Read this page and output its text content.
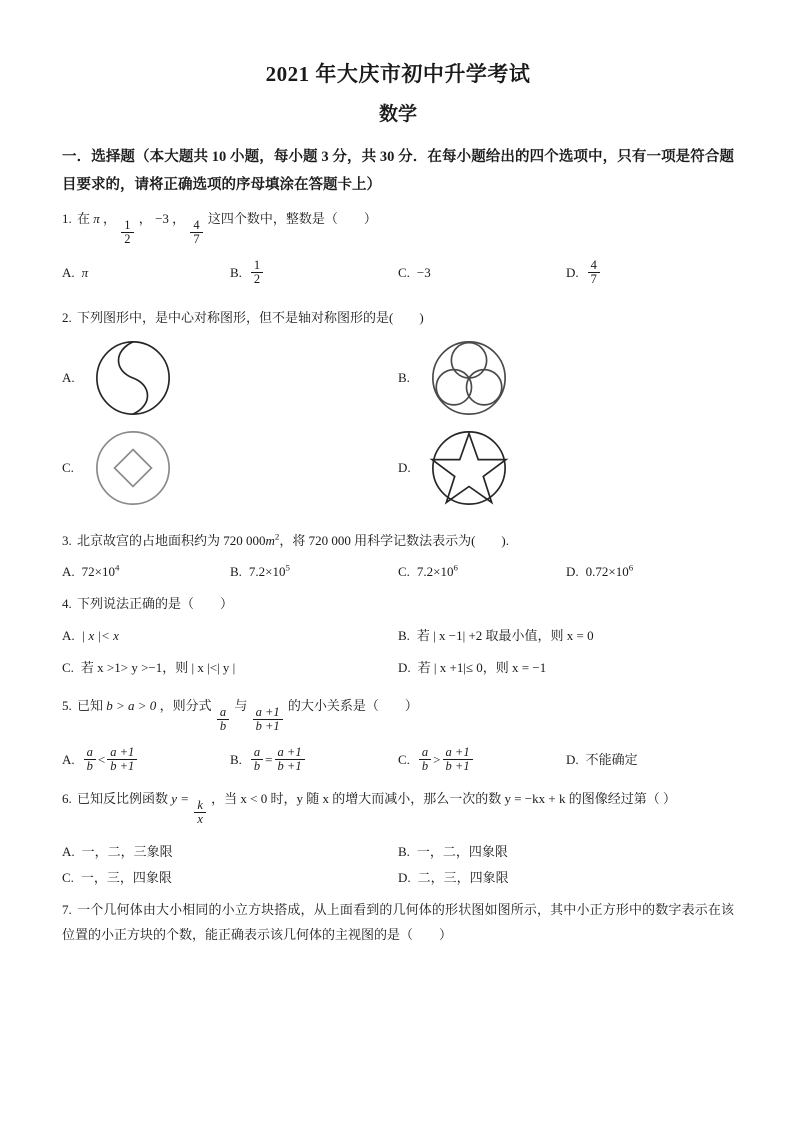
2021 年大庆市初中升学考试
数学
一．选择题（本大题共 10 小题，每小题 3 分，共 30 分．在每小题给出的四个选项中，只有一项是符合题目要求的，请将正确选项的序母填涂在答题卡上）
1. 在 π ，
$\frac{1}{2}$
， −3 ，
$\frac{4}{7}$
这四个数中，整数是（　　）
A. π	B. $\frac{1}{2}$	C. −3	D. $\frac{4}{7}$
2. 下列图形中，是中心对称图形，但不是轴对称图形的是(　　)
A.	B.
C.	D.
3. 北京故宫的占地面积约为 720 $000m^2$，将 720 000 用科学记数法表示为(　　).
A. $72\times 10^4$	B. $7.2\times 10^5$	C. $7.2\times 10^6$	D. $0.72\times 10^6$
4. 下列说法正确的是（　　）
A. | x |< x	B. 若 | x −1| +2 取最小值，则 x = 0
C. 若 x >1> y >−1，则 | x |<| y |	D. 若 | x +1|≤ 0，则 x = −1
5. 已知 b > a > 0 ，则分式
$\frac{a}{b}$
与
$\frac{a +1}{b +1}$
的大小关系是（　　）
A. $\frac{a}{b} < \frac{a +1}{b +1}$	B. $\frac{a}{b} = \frac{a +1}{b +1}$	C. $\frac{a}{b} > \frac{a +1}{b +1}$	D. 不能确定
6. 已知反比例函数 y =
$\frac{k}{x}$
，当 x < 0 时，y 随 x 的增大而减小，那么一次的数 y = −kx + k 的图像经过第（ ）
A. 一，二，三象限	B. 一，二，四象限
C. 一，三，四象限	D. 二，三，四象限
7. 一个几何体由大小相同的小立方块搭成，从上面看到的几何体的形状图如图所示，其中小正方形中的数字表示在该位置的小正方块的个数，能正确表示该几何体的主视图的是（　　）
